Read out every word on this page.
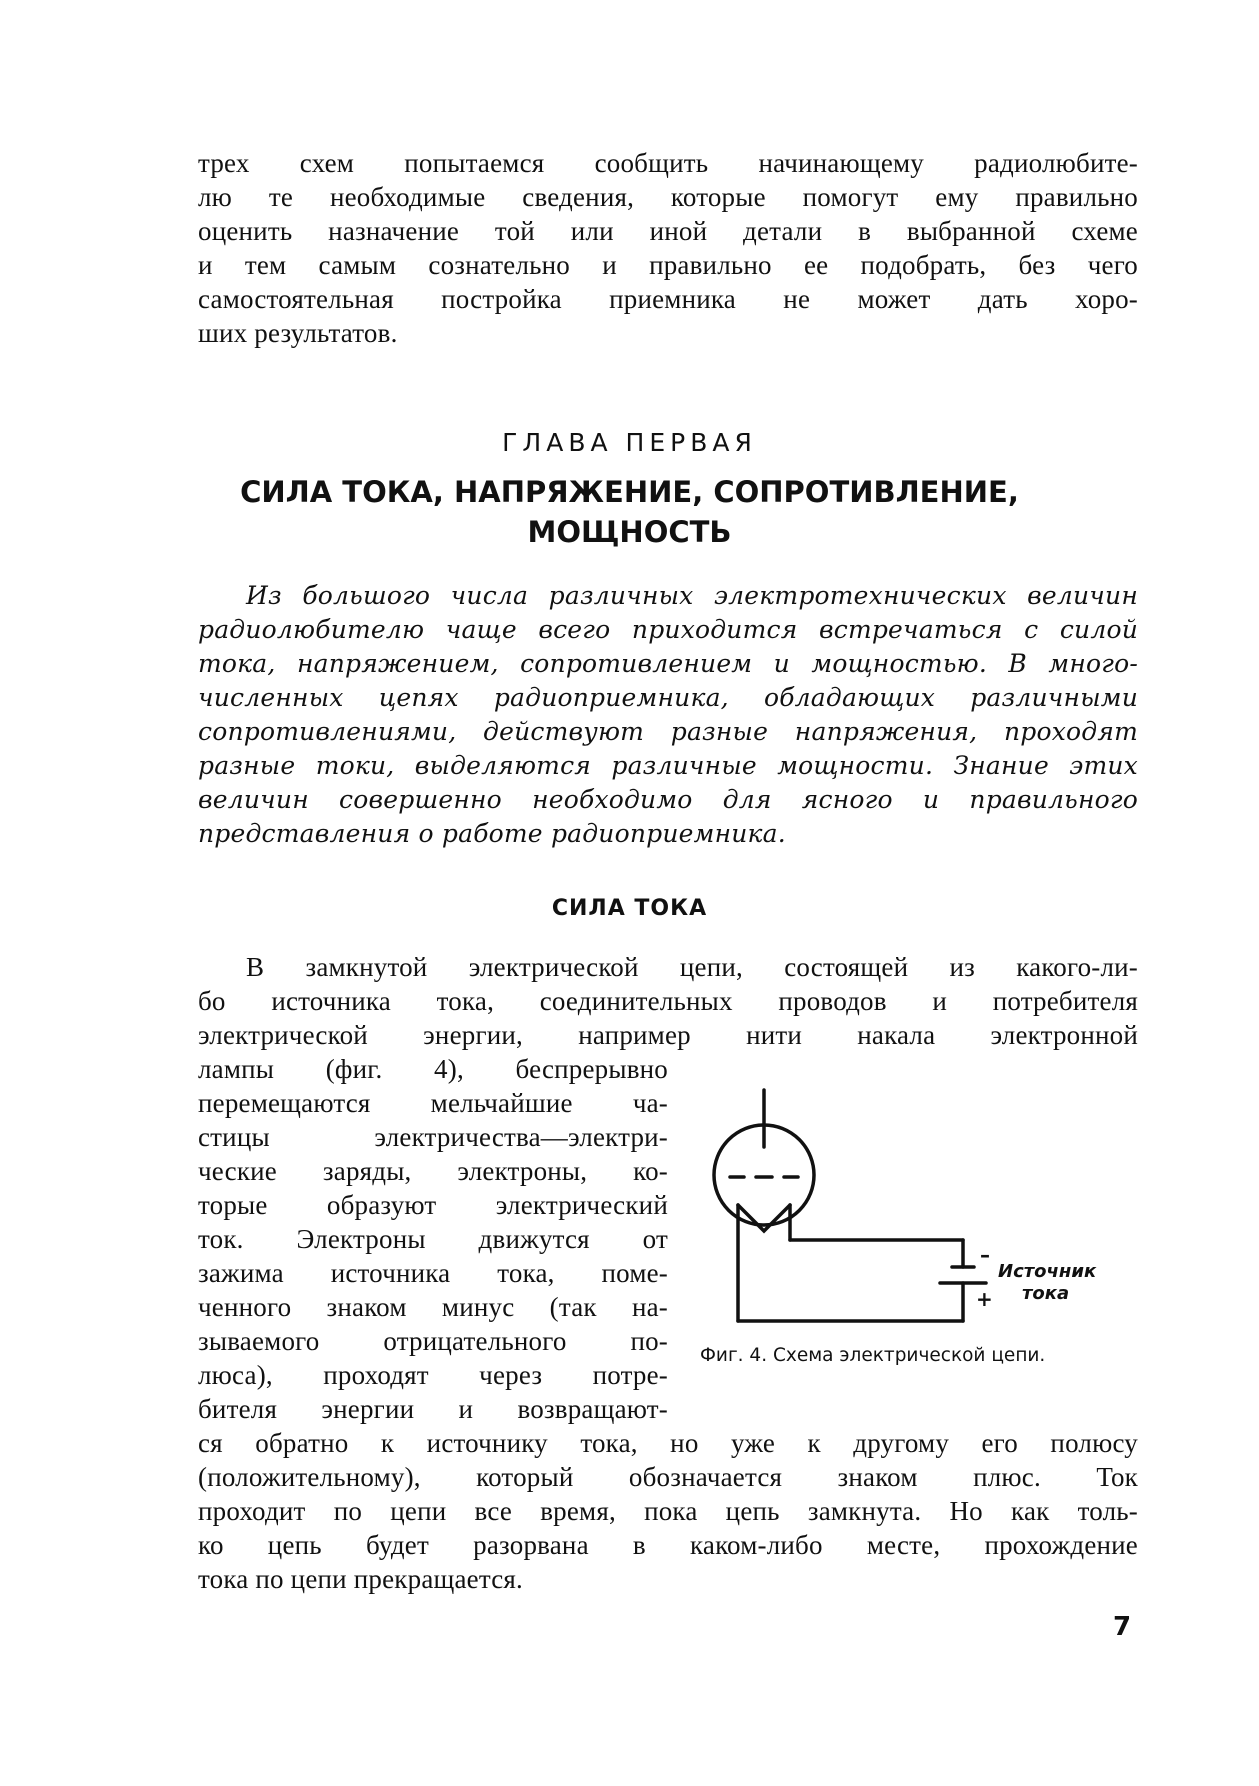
трех схем попытаемся сообщить начинающему радиолюбите-
лю те необходимые сведения, которые помогут ему правильно
оценить назначение той или иной детали в выбранной схеме
и тем самым сознательно и правильно ее подобрать, без чего
самостоятельная постройка приемника не может дать хоро-
ших результатов.
ГЛАВА ПЕРВАЯ
СИЛА ТОКА, НАПРЯЖЕНИЕ, СОПРОТИВЛЕНИЕ,
МОЩНОСТЬ
Из большого числа различных электротехнических величин
радиолюбителю чаще всего приходится встречаться с силой
тока, напряжением, сопротивлением и мощностью. В много-
численных цепях радиоприемника, обладающих различными
сопротивлениями, действуют разные напряжения, проходят
разные токи, выделяются различные мощности. Знание этих
величин совершенно необходимо для ясного и правильного
представления о работе радиоприемника.
СИЛА ТОКА
В замкнутой электрической цепи, состоящей из какого-ли-
бо источника тока, соединительных проводов и потребителя
электрической энергии, например нити накала электронной
лампы (фиг. 4), беспрерывно
перемещаются мельчайшие ча-
стицы электричества—электри-
ческие заряды, электроны, ко-
торые образуют электрический
ток. Электроны движутся от
зажима источника тока, поме-
ченного знаком минус (так на-
зываемого отрицательного по-
люса), проходят через потре-
бителя энергии и возвращают-
ся обратно к источнику тока, но уже к другому его полюсу
(положительному), который обозначается знаком плюс. Ток
проходит по цепи все время, пока цепь замкнута. Но как толь-
ко цепь будет разорвана в каком-либо месте, прохождение
тока по цепи прекращается.
–
+
Источник
тока
Фиг. 4. Схема электрической цепи.
7
